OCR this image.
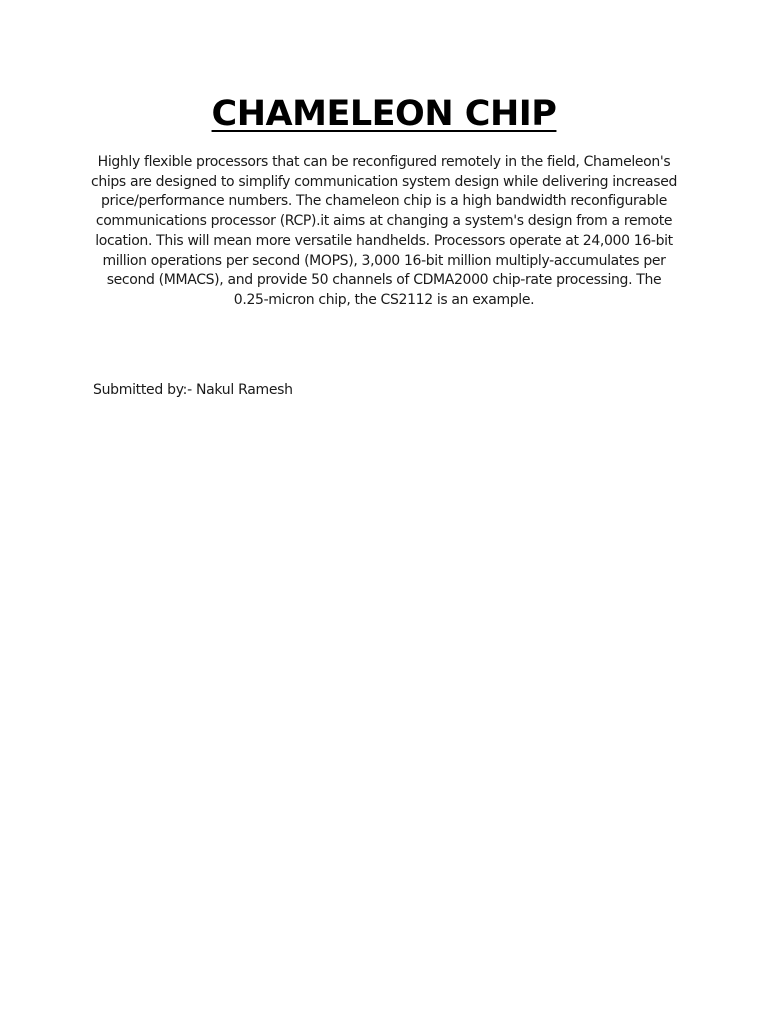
CHAMELEON CHIP

Highly flexible processors that can be reconfigured remotely in the field, Chameleon's chips are designed to simplify communication system design while delivering increased price/performance numbers. The chameleon chip is a high bandwidth reconfigurable communications processor (RCP).it aims at changing a system's design from a remote location. This will mean more versatile handhelds. Processors operate at 24,000 16-bit million operations per second (MOPS), 3,000 16-bit million multiply-accumulates per second (MMACS), and provide 50 channels of CDMA2000 chip-rate processing. The 0.25-micron chip, the CS2112 is an example.

Submitted by:- Nakul Ramesh
